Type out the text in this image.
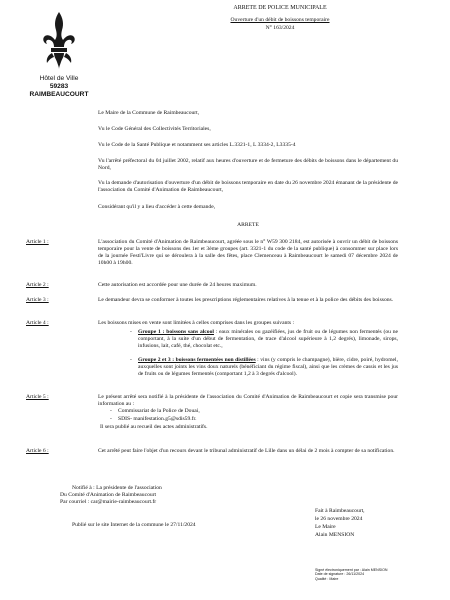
Hôtel de Ville
59283 RAIMBEAUCOURT
ARRETE DE POLICE MUNICIPALE
Ouverture d'un débit de boissons temporaire
N° 163/2024
Le Maire de la Commune de Raimbeaucourt,
Vu le Code Général des Collectivités Territoriales,
Vu le Code de la Santé Publique et notamment ses articles L.3321-1, L 3334-2, L3335-4
Vu l'arrêté préfectoral du 04 juillet 2002, relatif aux heures d'ouverture et de fermeture des débits de boissons dans le département du Nord,
Vu la demande d'autorisation d'ouverture d'un débit de boissons temporaire en date du 26 novembre 2024 émanant de la présidente de l'association du Comité d'Animation de Raimbeaucourt,
Considérant qu'il y a lieu d'accéder à cette demande,
ARRETE
Article 1 :	L'association du Comité d'Animation de Raimbeaucourt, agréée sous le n° W59 300 2184, est autorisée à ouvrir un débit de boissons temporaire pour la vente de boissons des 1er et 3ème groupes (art. 3321-1 du code de la santé publique) à consommer sur place lors de la journée Festi'Livre qui se déroulera à la salle des fêtes, place Clemenceau à Raimbeaucourt le samedi 07 décembre 2024 de 10h00 à 19h00.
Article 2 :	Cette autorisation est accordée pour une durée de 24 heures maximum.
Article 3 :	Le demandeur devra se conformer à toutes les prescriptions réglementaires relatives à la tenue et à la police des débits des boissons.
Article 4 :	Les boissons mises en vente sont limitées à celles comprises dans les groupes suivants :
-	Groupe 1 : boissons sans alcool : eaux minérales ou gazéifiées, jus de fruit ou de légumes non fermentés (ou ne comportant, à la suite d'un début de fermentation, de trace d'alcool supérieure à 1,2 degrés), limonade, sirops, infusions, lait, café, thé, chocolat etc.,
-	Groupe 2 et 3 : boissons fermentées non distillées : vins (y compris le champagne), bière, cidre, poiré, hydromel, auxquelles sont joints les vins doux naturels (bénéficiant du régime fiscal), ainsi que les crèmes de cassis et les jus de fruits ou de légumes fermentés (comportant 1,2 à 3 degrés d'alcool).
Article 5 :	Le présent arrêté sera notifié à la présidente de l'association du Comité d'Animation de Raimbeaucourt et copie sera transmise pour information au :
- Commissariat de la Police de Douai,
- SDIS- manifestation.g5@sdis59.fr.
Il sera publié au recueil des actes administratifs.
Article 6 :	Cet arrêté peut faire l'objet d'un recours devant le tribunal administratif de Lille dans un délai de 2 mois à compter de sa notification.
Notifié à : La présidente de l'association
Du Comité d'Animation de Raimbeaucourt
Par courriel : car@mairie-raimbeaucourt.fr
Publié sur le site Internet de la commune le 27/11/2024
Fait à Raimbeaucourt,
le 26 novembre 2024
Le Maire
Alain MENSION
Signé électroniquement par : Alain MENSION
Date de signature : 26/11/2024
Qualité : Maire
